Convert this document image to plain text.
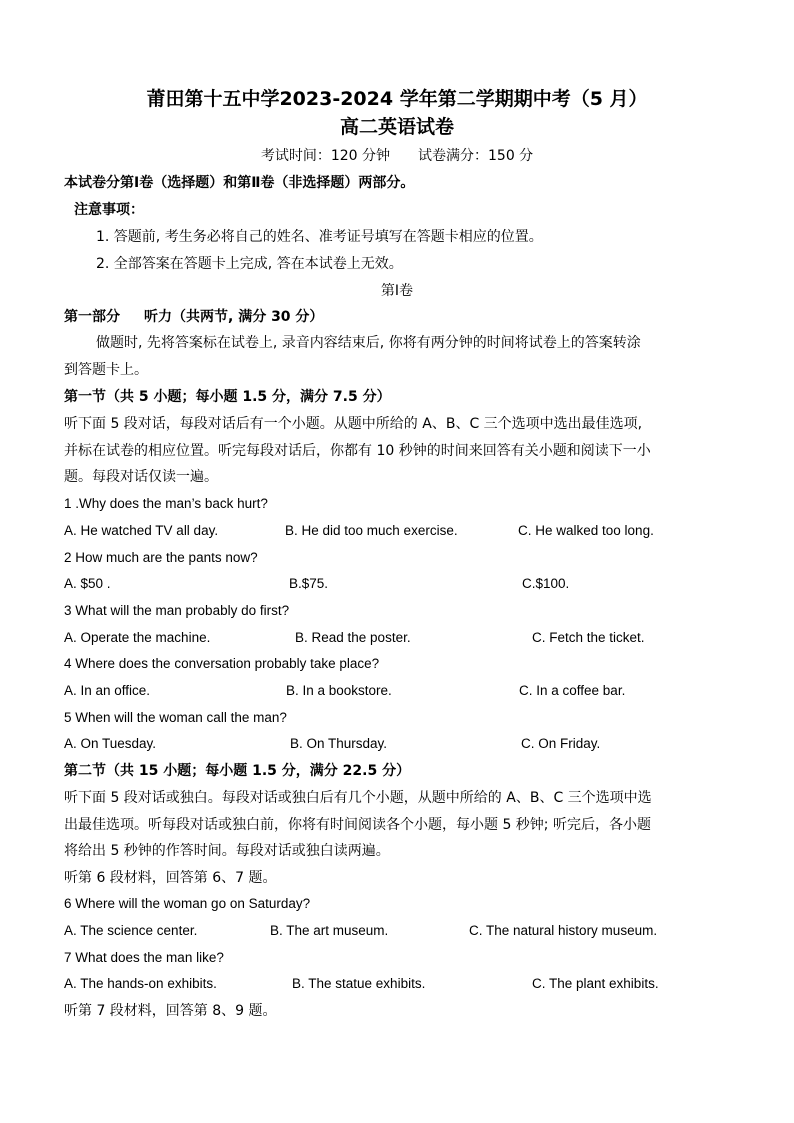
莆田第十五中学2023-2024 学年第二学期期中考（5 月）
高二英语试卷
考试时间：120 分钟　　试卷满分：150 分
本试卷分第Ⅰ卷（选择题）和第Ⅱ卷（非选择题）两部分。
注意事项：
1. 答题前, 考生务必将自己的姓名、准考证号填写在答题卡相应的位置。
2. 全部答案在答题卡上完成, 答在本试卷上无效。
第Ⅰ卷
第一部分 听力（共两节, 满分 30 分）
做题时, 先将答案标在试卷上, 录音内容结束后, 你将有两分钟的时间将试卷上的答案转涂
到答题卡上。
第一节（共 5 小题；每小题 1.5 分，满分 7.5 分）
听下面 5 段对话，每段对话后有一个小题。从题中所给的 A、B、C 三个选项中选出最佳选项,
并标在试卷的相应位置。听完每段对话后，你都有 10 秒钟的时间来回答有关小题和阅读下一小
题。每段对话仅读一遍。
1 .Why does the man’s back hurt?
A. He watched TV all day.	B. He did too much exercise.	C. He walked too long.
2 How much are the pants now?
A. $50 .	B.$75.	C.$100.
3 What will the man probably do first?
A. Operate the machine.	B. Read the poster.	C. Fetch the ticket.
4 Where does the conversation probably take place?
A. In an office.	B. In a bookstore.	C. In a coffee bar.
5 When will the woman call the man?
A. On Tuesday.	B. On Thursday.	C. On Friday.
第二节（共 15 小题；每小题 1.5 分，满分 22.5 分）
听下面 5 段对话或独白。每段对话或独白后有几个小题，从题中所给的 A、B、C 三个选项中选
出最佳选项。听每段对话或独白前，你将有时间阅读各个小题，每小题 5 秒钟; 听完后，各小题
将给出 5 秒钟的作答时间。每段对话或独白读两遍。
听第 6 段材料，回答第 6、7 题。
6 Where will the woman go on Saturday?
A. The science center.	B. The art museum.	C. The natural history museum.
7 What does the man like?
A. The hands-on exhibits.	B. The statue exhibits.	C. The plant exhibits.
听第 7 段材料，回答第 8、9 题。
